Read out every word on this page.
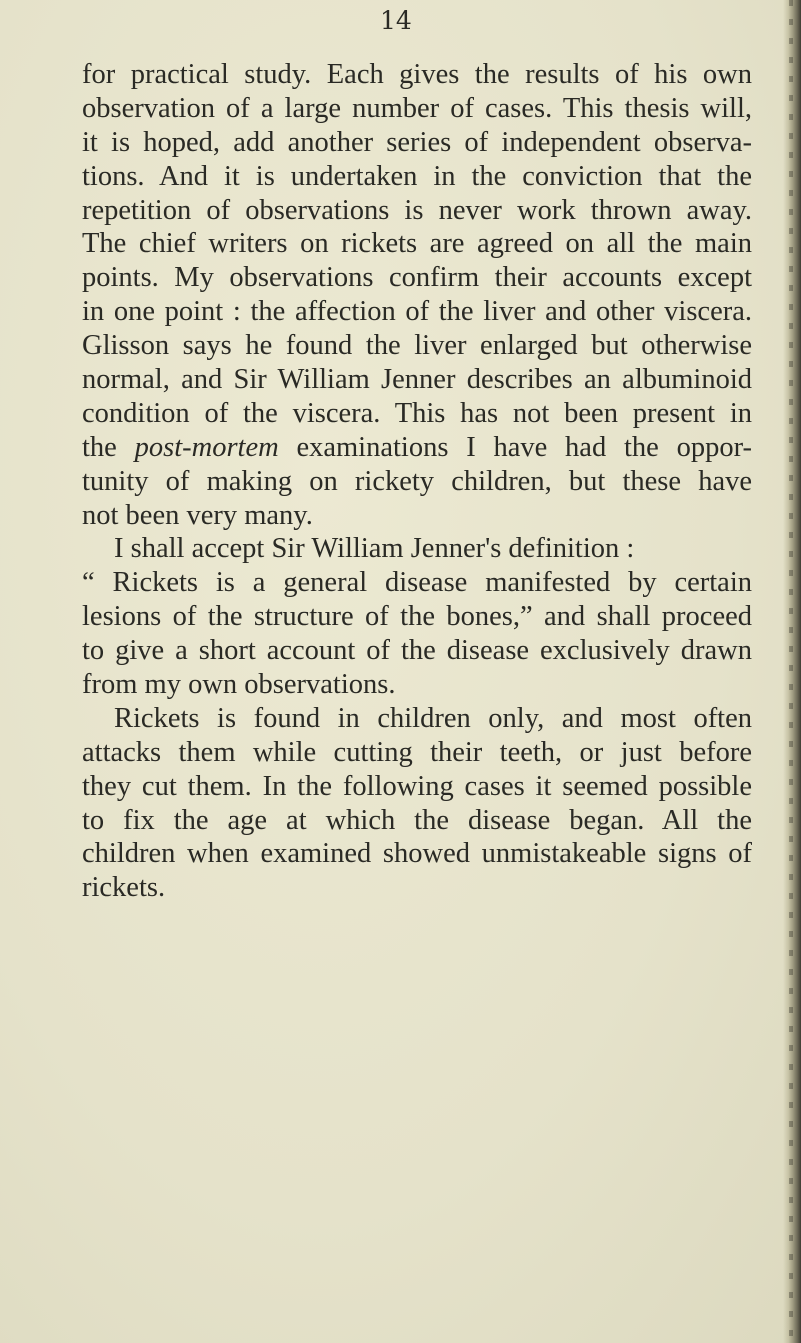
14
for practical study. Each gives the results of his own
observation of a large number of cases. This thesis will,
it is hoped, add another series of independent observa-
tions. And it is undertaken in the conviction that the
repetition of observations is never work thrown away.
The chief writers on rickets are agreed on all the main
points. My observations confirm their accounts except
in one point : the affection of the liver and other viscera.
Glisson says he found the liver enlarged but otherwise
normal, and Sir William Jenner describes an albuminoid
condition of the viscera. This has not been present in
the post-mortem examinations I have had the oppor-
tunity of making on rickety children, but these have
not been very many.
I shall accept Sir William Jenner's definition :
“ Rickets is a general disease manifested by certain
lesions of the structure of the bones,” and shall proceed
to give a short account of the disease exclusively drawn
from my own observations.
Rickets is found in children only, and most often
attacks them while cutting their teeth, or just before
they cut them. In the following cases it seemed possible
to fix the age at which the disease began. All the
children when examined showed unmistakeable signs of
rickets.
